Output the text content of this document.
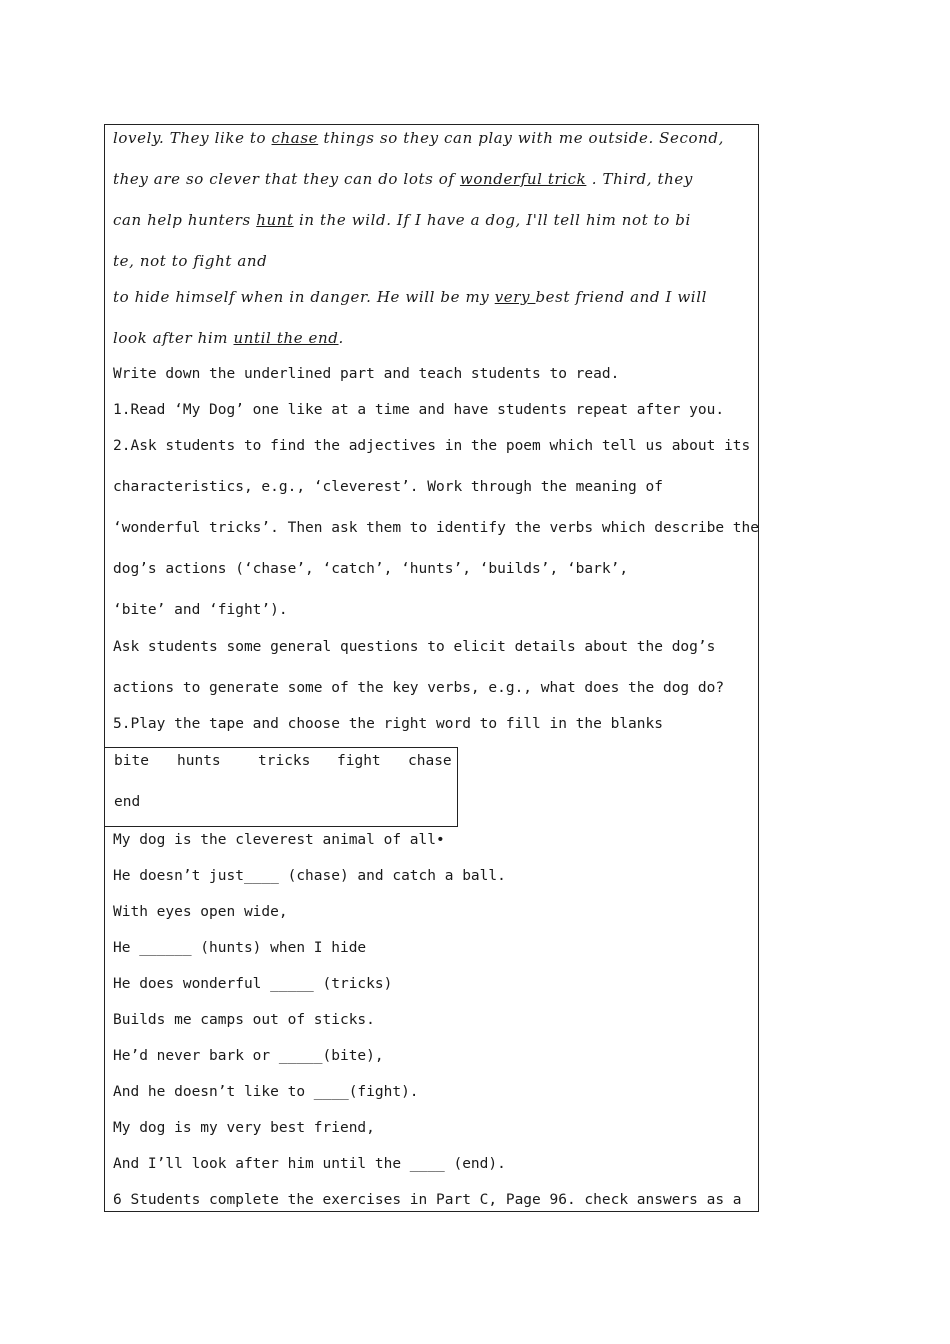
lovely. They like to chase things so they can play with me outside. Second,
they are so clever that they can do lots of wonderful trick . Third, they
can help hunters hunt in the wild. If I have a dog, I'll tell him not to bi
te, not to fight and
to hide himself when in danger. He will be my very best friend and I will
look after him until the end.
Write down the underlined part and teach students to read.
1.Read ‘My Dog’ one like at a time and have students repeat after you.
2.Ask students to find the adjectives in the poem which tell us about its
characteristics, e.g., ‘cleverest’. Work through the meaning of
‘wonderful tricks’. Then ask them to identify the verbs which describe the
dog’s actions (‘chase’, ‘catch’, ‘hunts’, ‘builds’, ‘bark’,
‘bite’ and ‘fight’).
Ask students some general questions to elicit details about the dog’s
actions to generate some of the key verbs, e.g., what does the dog do?
5.Play the tape and choose the right word to fill in the blanks
bite hunts	tricks fight chase
end
My dog is the cleverest animal of all•
He doesn’t just____ (chase) and catch a ball.
With eyes open wide,
He ______ (hunts) when I hide
He does wonderful _____ (tricks)
Builds me camps out of sticks.
He’d never bark or _____(bite),
And he doesn’t like to ____(fight).
My dog is my very best friend,
And I’ll look after him until the ____ (end).
6 Students complete the exercises in Part C, Page 96. check answers as a
